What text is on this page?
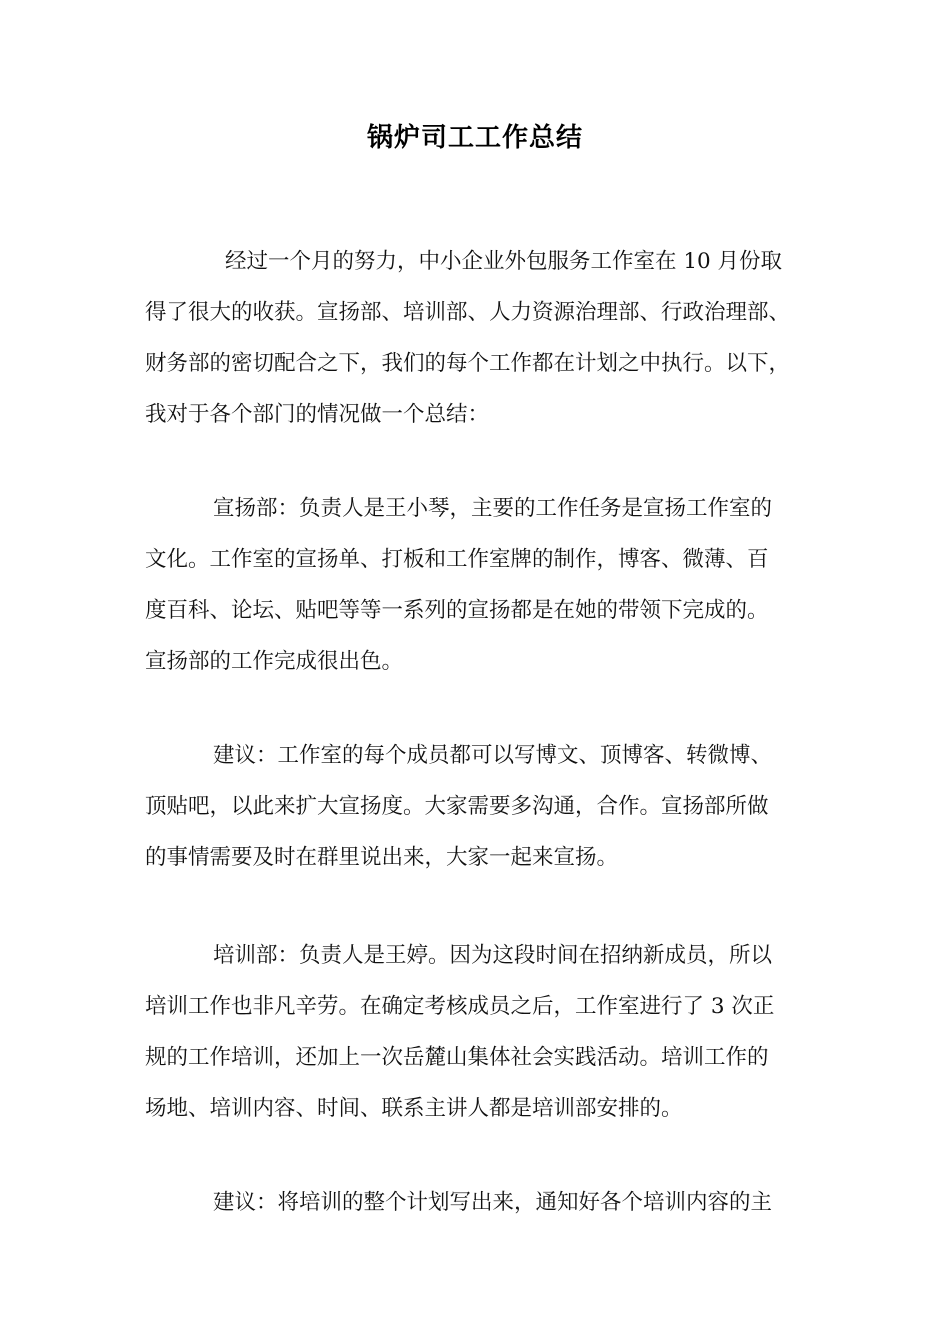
锅炉司工工作总结
经过一个月的努力，中小企业外包服务工作室在 10 月份取
得了很大的收获。宣扬部、培训部、人力资源治理部、行政治理部、
财务部的密切配合之下，我们的每个工作都在计划之中执行。以下，
我对于各个部门的情况做一个总结：
宣扬部：负责人是王小琴，主要的工作任务是宣扬工作室的
文化。工作室的宣扬单、打板和工作室牌的制作，博客、微薄、百
度百科、论坛、贴吧等等一系列的宣扬都是在她的带领下完成的。
宣扬部的工作完成很出色。
建议：工作室的每个成员都可以写博文、顶博客、转微博、
顶贴吧，以此来扩大宣扬度。大家需要多沟通，合作。宣扬部所做
的事情需要及时在群里说出来，大家一起来宣扬。
培训部：负责人是王婷。因为这段时间在招纳新成员，所以
培训工作也非凡辛劳。在确定考核成员之后，工作室进行了 3 次正
规的工作培训，还加上一次岳麓山集体社会实践活动。培训工作的
场地、培训内容、时间、联系主讲人都是培训部安排的。
建议：将培训的整个计划写出来，通知好各个培训内容的主
